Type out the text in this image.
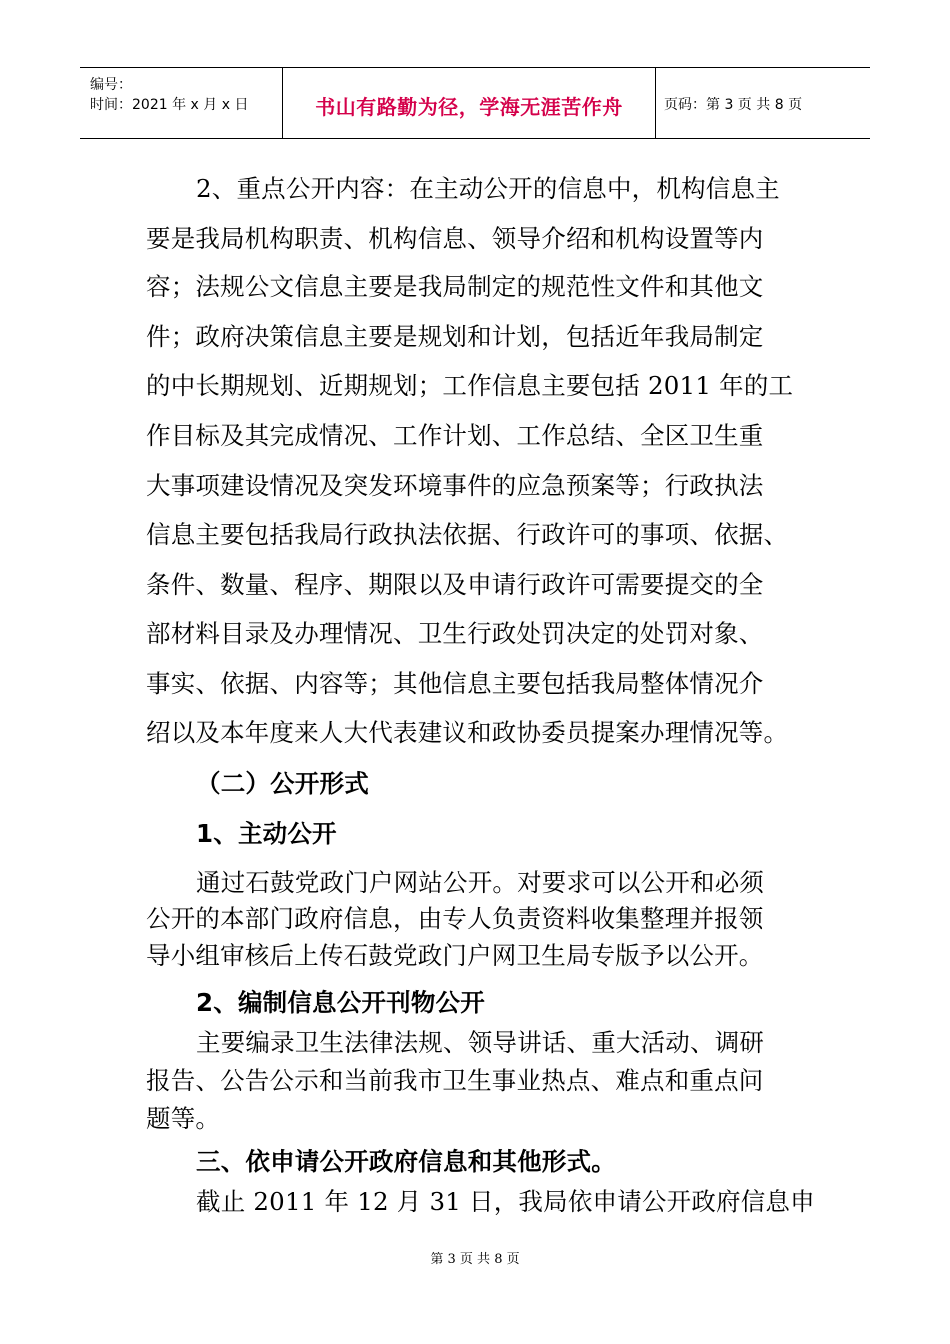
编号：
时间：2021 年 x 月 x 日	书山有路勤为径，学海无涯苦作舟	页码：第 3 页 共 8 页
2、重点公开内容：在主动公开的信息中，机构信息主
要是我局机构职责、机构信息、领导介绍和机构设置等内
容；法规公文信息主要是我局制定的规范性文件和其他文
件；政府决策信息主要是规划和计划，包括近年我局制定
的中长期规划、近期规划；工作信息主要包括 2011 年的工
作目标及其完成情况、工作计划、工作总结、全区卫生重
大事项建设情况及突发环境事件的应急预案等；行政执法
信息主要包括我局行政执法依据、行政许可的事项、依据、
条件、数量、程序、期限以及申请行政许可需要提交的全
部材料目录及办理情况、卫生行政处罚决定的处罚对象、
事实、依据、内容等；其他信息主要包括我局整体情况介
绍以及本年度来人大代表建议和政协委员提案办理情况等。
（二）公开形式
1、主动公开
通过石鼓党政门户网站公开。对要求可以公开和必须
公开的本部门政府信息，由专人负责资料收集整理并报领
导小组审核后上传石鼓党政门户网卫生局专版予以公开。
2、编制信息公开刊物公开
主要编录卫生法律法规、领导讲话、重大活动、调研
报告、公告公示和当前我市卫生事业热点、难点和重点问
题等。
三、依申请公开政府信息和其他形式。
截止 2011 年 12 月 31 日，我局依申请公开政府信息申
第 3 页 共 8 页
